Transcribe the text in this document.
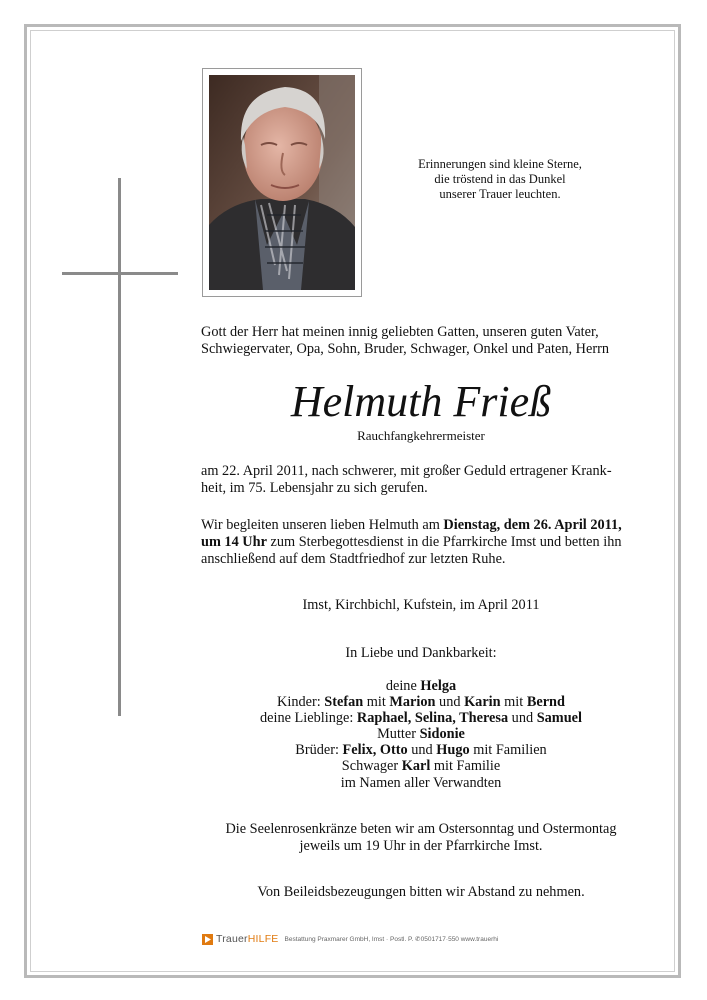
Erinnerungen sind kleine Sterne,
die tröstend in das Dunkel
unserer Trauer leuchten.
Gott der Herr hat meinen innig geliebten Gatten, unseren guten Vater,
Schwiegervater, Opa, Sohn, Bruder, Schwager, Onkel und Paten, Herrn
Helmuth Frieß
Rauchfangkehrermeister
am 22. April 2011, nach schwerer, mit großer Geduld ertragener Krank-
heit, im 75. Lebensjahr zu sich gerufen.
Wir begleiten unseren lieben Helmuth am Dienstag, dem 26. April 2011,
um 14 Uhr zum Sterbegottesdienst in die Pfarrkirche Imst und betten ihn
anschließend auf dem Stadtfriedhof zur letzten Ruhe.
Imst, Kirchbichl, Kufstein, im April 2011
In Liebe und Dankbarkeit:
deine Helga
Kinder: Stefan mit Marion und Karin mit Bernd
deine Lieblinge: Raphael, Selina, Theresa und Samuel
Mutter Sidonie
Brüder: Felix, Otto und Hugo mit Familien
Schwager Karl mit Familie
im Namen aller Verwandten
Die Seelenrosenkränze beten wir am Ostersonntag und Ostermontag
jeweils um 19 Uhr in der Pfarrkirche Imst.
Von Beileidsbezeugungen bitten wir Abstand zu nehmen.
TrauerHILFE Bestattung Praxmarer GmbH, Imst · Postl. P. ✆0501717·550 www.trauerhi
